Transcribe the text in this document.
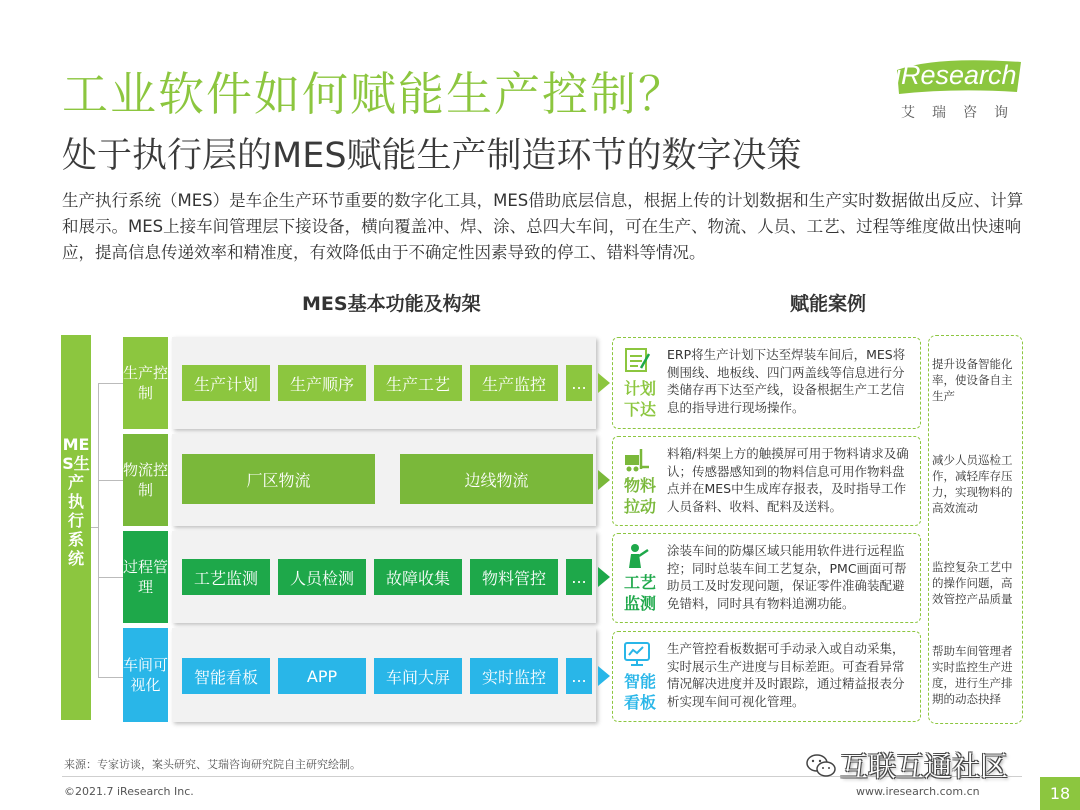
工业软件如何赋能生产控制？
处于执行层的MES赋能生产制造环节的数字决策
iResearch
艾瑞咨询
生产执行系统（MES）是车企生产环节重要的数字化工具，MES借助底层信息，根据上传的计划数据和生产实时数据做出反应、计算和展示。MES上接车间管理层下接设备，横向覆盖冲、焊、涂、总四大车间，可在生产、物流、人员、工艺、过程等维度做出快速响应，提高信息传递效率和精准度，有效降低由于不确定性因素导致的停工、错料等情况。
MES基本功能及构架	赋能案例
MES生产执行系统
生产控制	生产计划	生产顺序	生产工艺	生产监控	...
物流控制
厂区物流	边线物流
过程管理	工艺监测	人员检测	故障收集	物料管控	...
车间可视化	智能看板	APP	车间大屏	实时监控	...
计划下达
ERP将生产计划下达至焊装车间后，MES将侧围线、地板线、四门两盖线等信息进行分类储存再下达至产线，设备根据生产工艺信息的指导进行现场操作。
物料拉动
料箱/料架上方的触摸屏可用于物料请求及确认；传感器感知到的物料信息可用作物料盘点并在MES中生成库存报表，及时指导工作人员备料、收料、配料及送料。
工艺监测
涂装车间的防爆区域只能用软件进行远程监控；同时总装车间工艺复杂，PMC画面可帮助员工及时发现问题，保证零件准确装配避免错料，同时具有物料追溯功能。
智能看板
生产管控看板数据可手动录入或自动采集，实时展示生产进度与目标差距。可查看异常情况解决进度并及时跟踪，通过精益报表分析实现车间可视化管理。
提升设备智能化率，使设备自主生产
减少人员巡检工作，减轻库存压力，实现物料的高效流动
监控复杂工艺中的操作问题，高效管控产品质量
帮助车间管理者实时监控生产进度，进行生产排期的动态抉择
来源：专家访谈，案头研究、艾瑞咨询研究院自主研究绘制。
©2021.7 iResearch Inc.	www.iresearch.com.cn	18
互联互通社区
